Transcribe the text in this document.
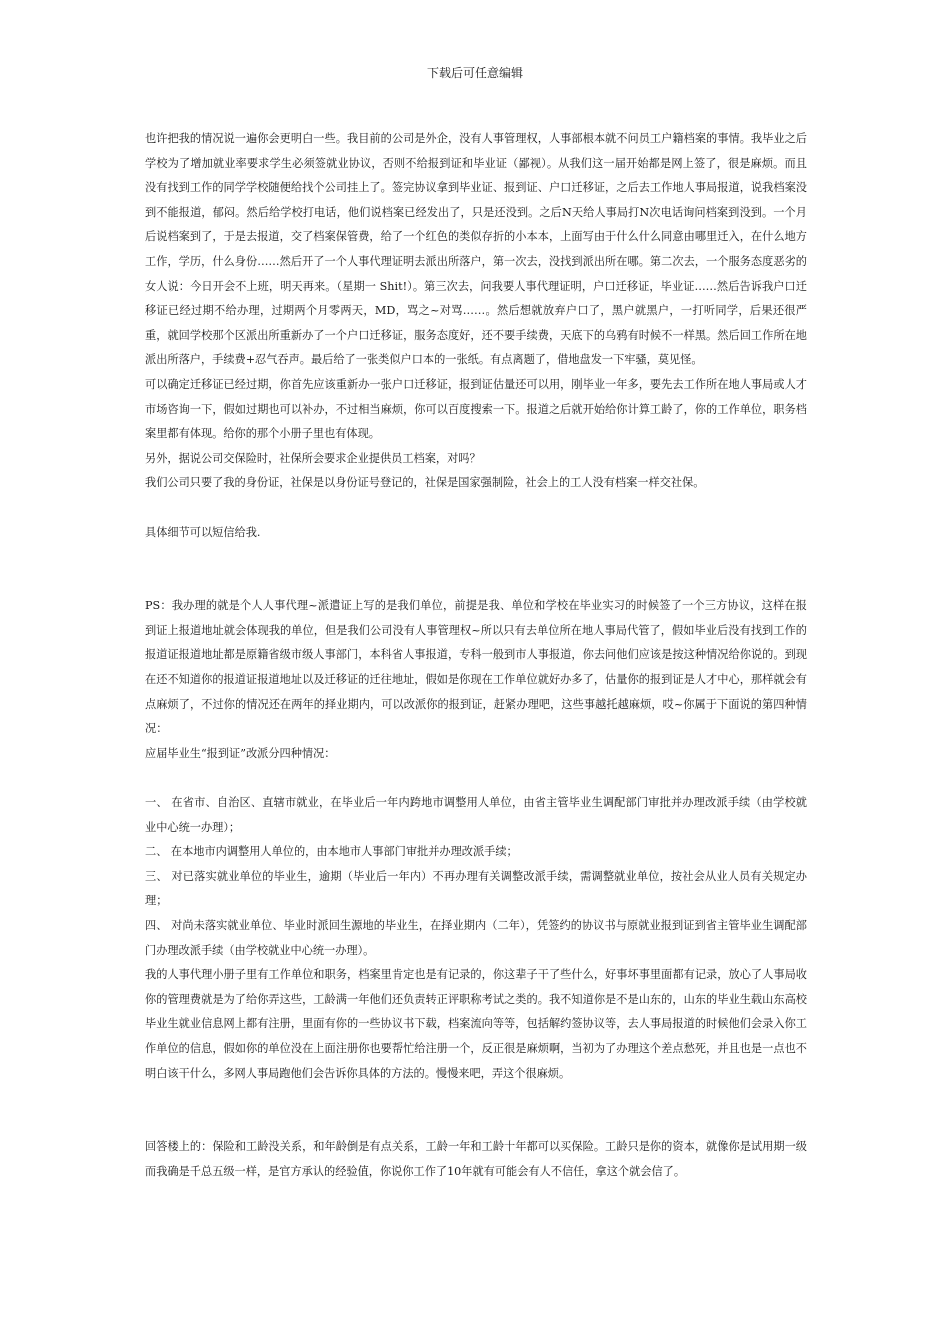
下载后可任意编辑

也许把我的情况说一遍你会更明白一些。我目前的公司是外企，没有人事管理权，人事部根本就不问员工户籍档案的事情。我毕业之后学校为了增加就业率要求学生必须签就业协议，否则不给报到证和毕业证（鄙视）。从我们这一届开始都是网上签了，很是麻烦。而且没有找到工作的同学学校随便给找个公司挂上了。签完协议拿到毕业证、报到证、户口迁移证，之后去工作地人事局报道，说我档案没到不能报道，郁闷。然后给学校打电话，他们说档案已经发出了，只是还没到。之后N天给人事局打N次电话询问档案到没到。一个月后说档案到了，于是去报道，交了档案保管费，给了一个红色的类似存折的小本本，上面写由于什么什么同意由哪里迁入，在什么地方工作，学历，什么身份……然后开了一个人事代理证明去派出所落户，第一次去，没找到派出所在哪。第二次去，一个服务态度恶劣的女人说：今日开会不上班，明天再来。（星期一 Shit!）。第三次去，问我要人事代理证明，户口迁移证，毕业证……然后告诉我户口迁移证已经过期不给办理，过期两个月零两天，MD，骂之~对骂……。然后想就放弃户口了，黑户就黑户，一打听同学，后果还很严重，就回学校那个区派出所重新办了一个户口迁移证，服务态度好，还不要手续费，天底下的乌鸦有时候不一样黑。然后回工作所在地派出所落户，手续费+忍气吞声。最后给了一张类似户口本的一张纸。有点离题了，借地盘发一下牢骚，莫见怪。

可以确定迁移证已经过期，你首先应该重新办一张户口迁移证，报到证估量还可以用，刚毕业一年多，要先去工作所在地人事局或人才市场咨询一下，假如过期也可以补办，不过相当麻烦，你可以百度搜索一下。报道之后就开始给你计算工龄了，你的工作单位，职务档案里都有体现。给你的那个小册子里也有体现。

另外，据说公司交保险时，社保所会要求企业提供员工档案，对吗？

我们公司只要了我的身份证，社保是以身份证号登记的，社保是国家强制险，社会上的工人没有档案一样交社保。

具体细节可以短信给我.

PS：我办理的就是个人人事代理~派遣证上写的是我们单位，前提是我、单位和学校在毕业实习的时候签了一个三方协议，这样在报到证上报道地址就会体现我的单位，但是我们公司没有人事管理权~所以只有去单位所在地人事局代管了，假如毕业后没有找到工作的报道证报道地址都是原籍省级市级人事部门，本科省人事报道，专科一般到市人事报道，你去问他们应该是按这种情况给你说的。到现在还不知道你的报道证报道地址以及迁移证的迁往地址，假如是你现在工作单位就好办多了，估量你的报到证是人才中心，那样就会有点麻烦了，不过你的情况还在两年的择业期内，可以改派你的报到证，赶紧办理吧，这些事越托越麻烦，哎~你属于下面说的第四种情况：

应届毕业生“报到证”改派分四种情况：

一、 在省市、自治区、直辖市就业，在毕业后一年内跨地市调整用人单位，由省主管毕业生调配部门审批并办理改派手续（由学校就业中心统一办理）；

二、 在本地市内调整用人单位的，由本地市人事部门审批并办理改派手续；

三、 对已落实就业单位的毕业生，逾期（毕业后一年内）不再办理有关调整改派手续，需调整就业单位，按社会从业人员有关规定办理；

四、 对尚未落实就业单位、毕业时派回生源地的毕业生，在择业期内（二年），凭签约的协议书与原就业报到证到省主管毕业生调配部门办理改派手续（由学校就业中心统一办理）。

我的人事代理小册子里有工作单位和职务，档案里肯定也是有记录的，你这辈子干了些什么，好事坏事里面都有记录，放心了人事局收你的管理费就是为了给你弄这些，工龄满一年他们还负责转正评职称考试之类的。我不知道你是不是山东的，山东的毕业生载山东高校毕业生就业信息网上都有注册，里面有你的一些协议书下载，档案流向等等，包括解约签协议等，去人事局报道的时候他们会录入你工作单位的信息，假如你的单位没在上面注册你也要帮忙给注册一个，反正很是麻烦啊，当初为了办理这个差点愁死，并且也是一点也不明白该干什么，多网人事局跑他们会告诉你具体的方法的。慢慢来吧，弄这个很麻烦。

回答楼上的：保险和工龄没关系，和年龄倒是有点关系，工龄一年和工龄十年都可以买保险。工龄只是你的资本，就像你是试用期一级而我确是千总五级一样，是官方承认的经验值，你说你工作了10年就有可能会有人不信任，拿这个就会信了。
